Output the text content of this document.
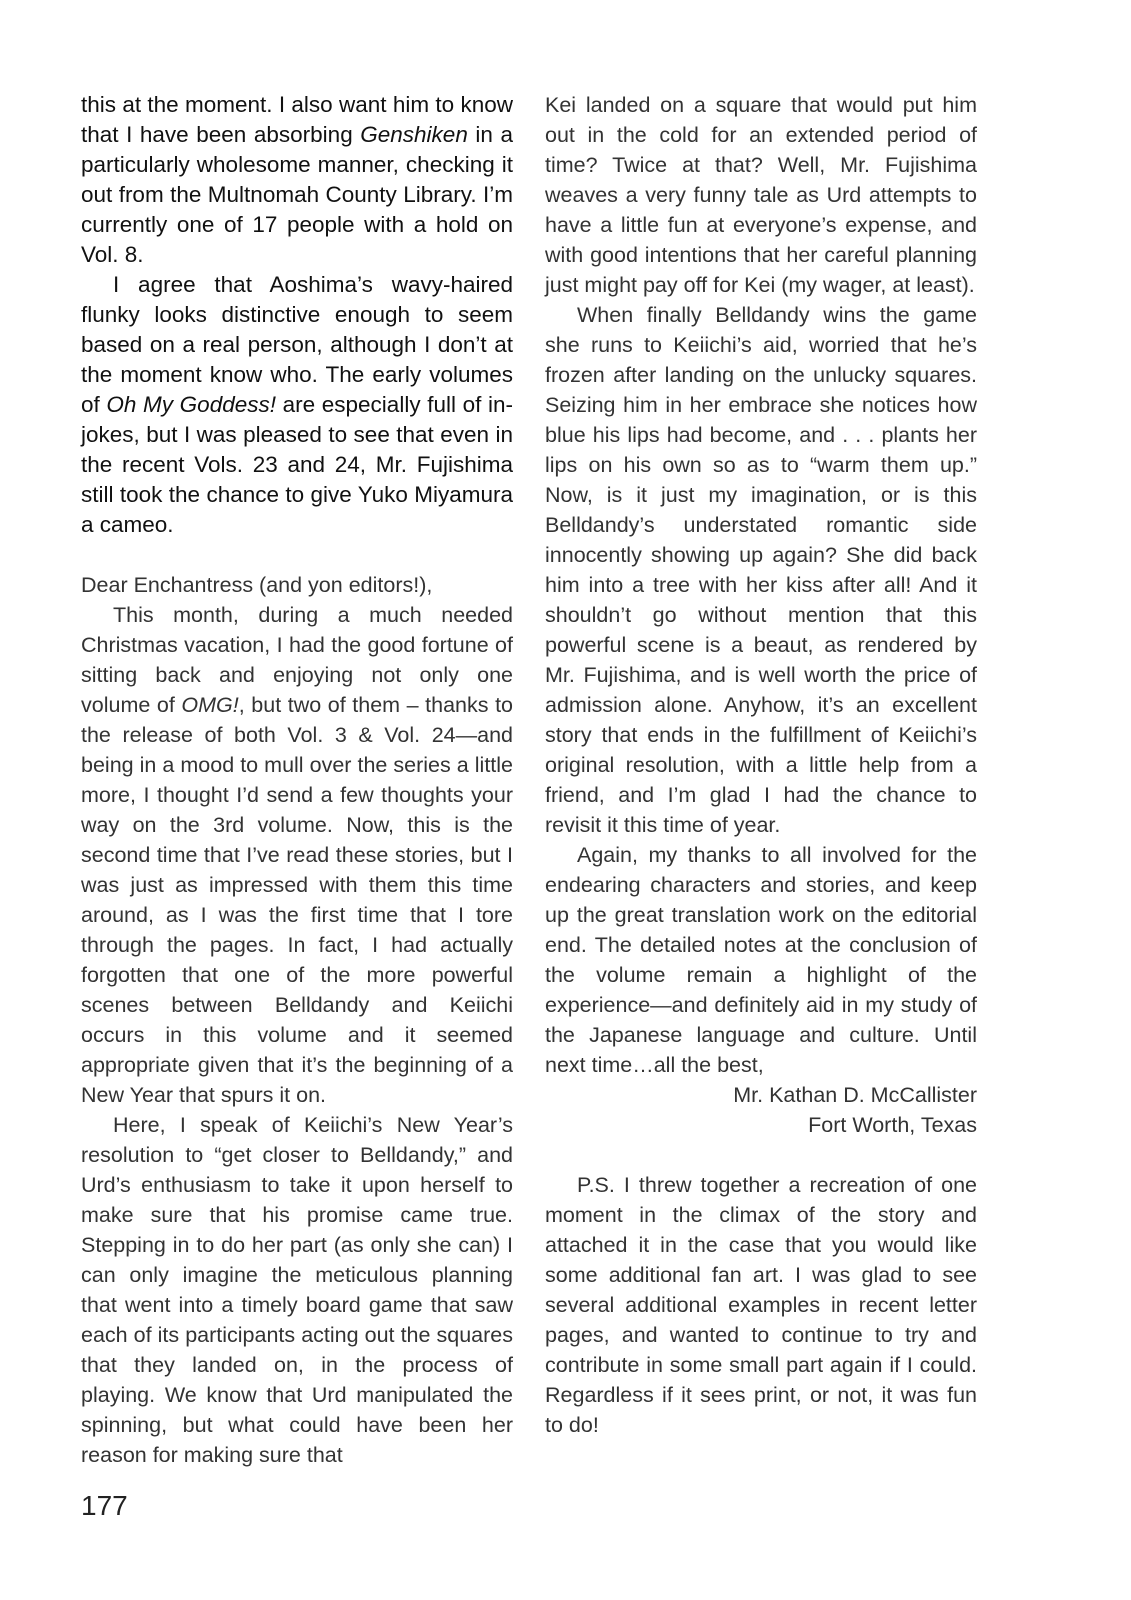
this at the moment. I also want him to know that I have been absorbing Genshiken in a particularly wholesome manner, checking it out from the Multnomah County Library. I’m currently one of 17 people with a hold on Vol. 8.

I agree that Aoshima’s wavy-haired flunky looks distinctive enough to seem based on a real person, although I don’t at the moment know who. The early volumes of Oh My Goddess! are especially full of in-jokes, but I was pleased to see that even in the recent Vols. 23 and 24, Mr. Fujishima still took the chance to give Yuko Miyamura a cameo.

Dear Enchantress (and yon editors!),

This month, during a much needed Christmas vacation, I had the good fortune of sitting back and enjoying not only one volume of OMG!, but two of them – thanks to the release of both Vol. 3 & Vol. 24—and being in a mood to mull over the series a little more, I thought I’d send a few thoughts your way on the 3rd volume. Now, this is the second time that I’ve read these stories, but I was just as impressed with them this time around, as I was the first time that I tore through the pages. In fact, I had actually forgotten that one of the more powerful scenes between Belldandy and Keiichi occurs in this volume and it seemed appropriate given that it’s the beginning of a New Year that spurs it on.

Here, I speak of Keiichi’s New Year’s resolution to “get closer to Belldandy,” and Urd’s enthusiasm to take it upon herself to make sure that his promise came true. Stepping in to do her part (as only she can) I can only imagine the meticulous planning that went into a timely board game that saw each of its participants acting out the squares that they landed on, in the process of playing. We know that Urd manipulated the spinning, but what could have been her reason for making sure that

Kei landed on a square that would put him out in the cold for an extended period of time? Twice at that? Well, Mr. Fujishima weaves a very funny tale as Urd attempts to have a little fun at everyone’s expense, and with good intentions that her careful planning just might pay off for Kei (my wager, at least).

When finally Belldandy wins the game she runs to Keiichi’s aid, worried that he’s frozen after landing on the unlucky squares. Seizing him in her embrace she notices how blue his lips had become, and . . . plants her lips on his own so as to “warm them up.” Now, is it just my imagination, or is this Belldandy’s understated romantic side innocently showing up again? She did back him into a tree with her kiss after all! And it shouldn’t go without mention that this powerful scene is a beaut, as rendered by Mr. Fujishima, and is well worth the price of admission alone. Anyhow, it’s an excellent story that ends in the fulfillment of Keiichi’s original resolution, with a little help from a friend, and I’m glad I had the chance to revisit it this time of year.

Again, my thanks to all involved for the endearing characters and stories, and keep up the great translation work on the editorial end. The detailed notes at the conclusion of the volume remain a highlight of the experience—and definitely aid in my study of the Japanese language and culture. Until next time…all the best,

Mr. Kathan D. McCallister

Fort Worth, Texas

P.S. I threw together a recreation of one moment in the climax of the story and attached it in the case that you would like some additional fan art. I was glad to see several additional examples in recent letter pages, and wanted to continue to try and contribute in some small part again if I could. Regardless if it sees print, or not, it was fun to do!

177
